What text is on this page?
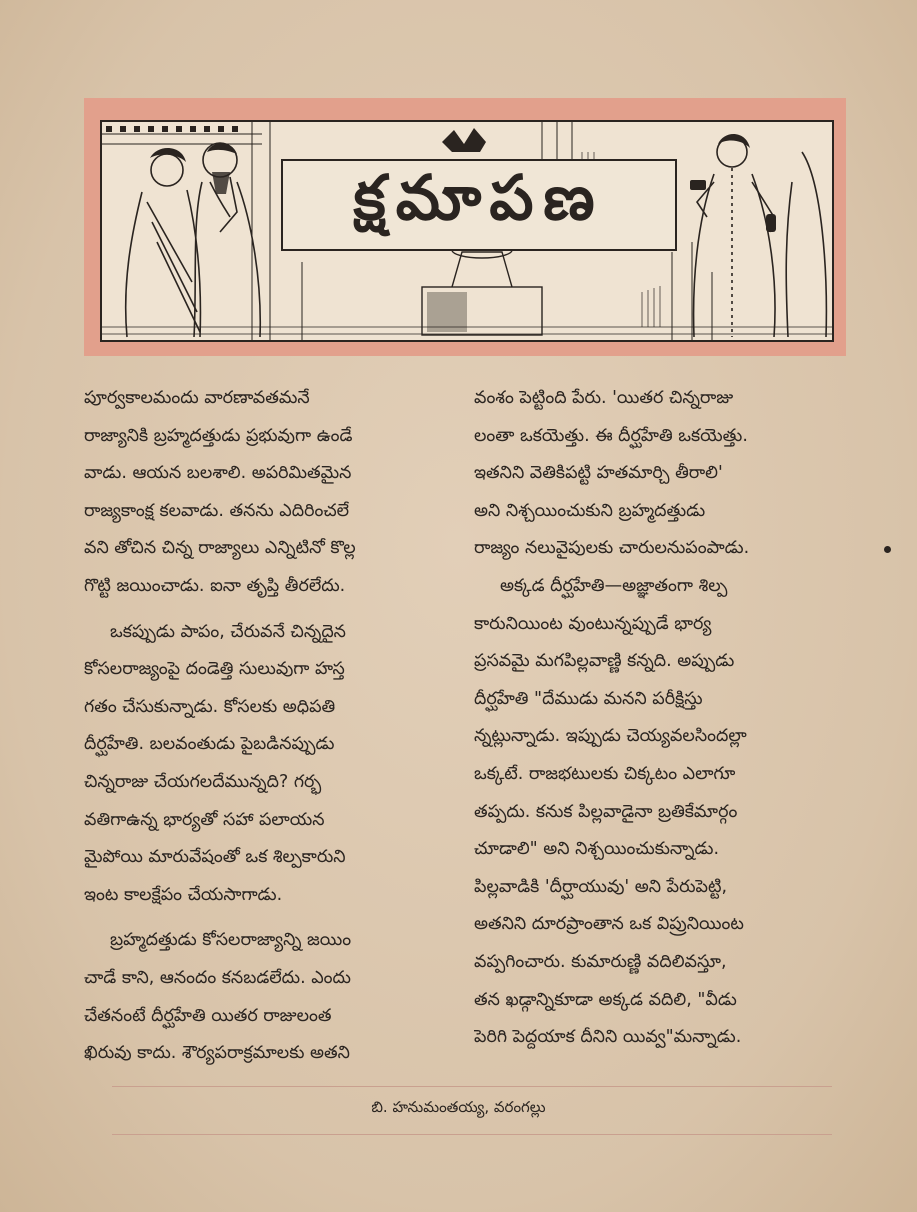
క్షమాపణ
పూర్వకాలమందు వారణావతమనే
రాజ్యానికి బ్రహ్మదత్తుడు ప్రభువుగా ఉండే
వాడు. ఆయన బలశాలి. అపరిమితమైన
రాజ్యకాంక్ష కలవాడు. తనను ఎదిరించలే
వని తోచిన చిన్న రాజ్యాలు ఎన్నిటినో కొల్ల
గొట్టి జయించాడు. ఐనా తృప్తి తీరలేదు.
ఒకప్పుడు పాపం, చేరువనే చిన్నదైన
కోసలరాజ్యంపై దండెత్తి సులువుగా హస్త
గతం చేసుకున్నాడు. కోసలకు అధిపతి
దీర్ఘహేతి. బలవంతుడు పైబడినప్పుడు
చిన్నరాజు చేయగలదేమున్నది? గర్భ
వతిగాఉన్న భార్యతో సహా పలాయన
మైపోయి మారువేషంతో ఒక శిల్పకారుని
ఇంట కాలక్షేపం చేయసాగాడు.
బ్రహ్మదత్తుడు కోసలరాజ్యాన్ని జయిం
చాడే కాని, ఆనందం కనబడలేదు. ఎందు
చేతనంటే దీర్ఘహేతి యితర రాజులంత
ఖిరువు కాదు. శౌర్యపరాక్రమాలకు అతని
వంశం పెట్టింది పేరు. 'యితర చిన్నరాజు
లంతా ఒకయెత్తు. ఈ దీర్ఘహేతి ఒకయెత్తు.
ఇతనిని వెతికిపట్టి హతమార్చి తీరాలి'
అని నిశ్చయించుకుని బ్రహ్మదత్తుడు
రాజ్యం నలువైపులకు చారులనుపంపాడు.
అక్కడ దీర్ఘహేతి—అజ్ఞాతంగా శిల్ప
కారునియింట వుంటున్నప్పుడే భార్య
ప్రసవమై మగపిల్లవాణ్ణి కన్నది. అప్పుడు
దీర్ఘహేతి "దేముడు మనని పరీక్షిస్తు
న్నట్లున్నాడు. ఇప్పుడు చెయ్యవలసిందల్లా
ఒక్కటే. రాజభటులకు చిక్కటం ఎలాగూ
తప్పదు. కనుక పిల్లవాడైనా బ్రతికేమార్గం
చూడాలి" అని నిశ్చయించుకున్నాడు.
పిల్లవాడికి 'దీర్ఘాయువు' అని పేరుపెట్టి,
అతనిని దూరప్రాంతాన ఒక విప్రునియింట
వప్పగించారు. కుమారుణ్ణి వదిలివస్తూ,
తన ఖడ్గాన్నికూడా అక్కడ వదిలి, "వీడు
పెరిగి పెద్దయాక దీనిని యివ్వ"మన్నాడు.
బి. హనుమంతయ్య, వరంగల్లు
